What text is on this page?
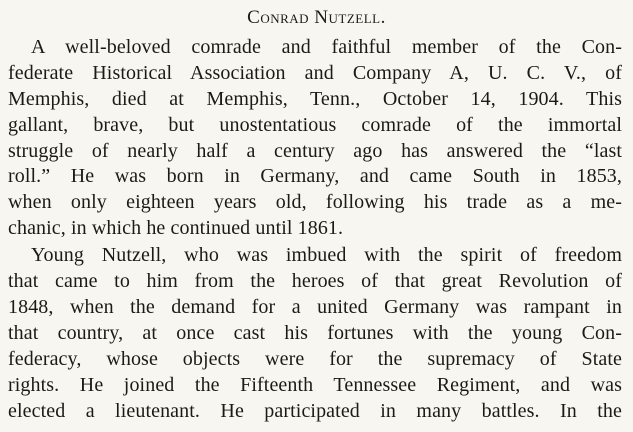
Conrad Nutzell.
A well-beloved comrade and faithful member of the Con-
federate Historical Association and Company A, U. C. V., of
Memphis, died at Memphis, Tenn., October 14, 1904. This
gallant, brave, but unostentatious comrade of the immortal
struggle of nearly half a century ago has answered the “last
roll.” He was born in Germany, and came South in 1853,
when only eighteen years old, following his trade as a me-
chanic, in which he continued until 1861.
Young Nutzell, who was imbued with the spirit of freedom
that came to him from the heroes of that great Revolution of
1848, when the demand for a united Germany was rampant in
that country, at once cast his fortunes with the young Con-
federacy, whose objects were for the supremacy of State
rights. He joined the Fifteenth Tennessee Regiment, and was
elected a lieutenant. He participated in many battles. In the
